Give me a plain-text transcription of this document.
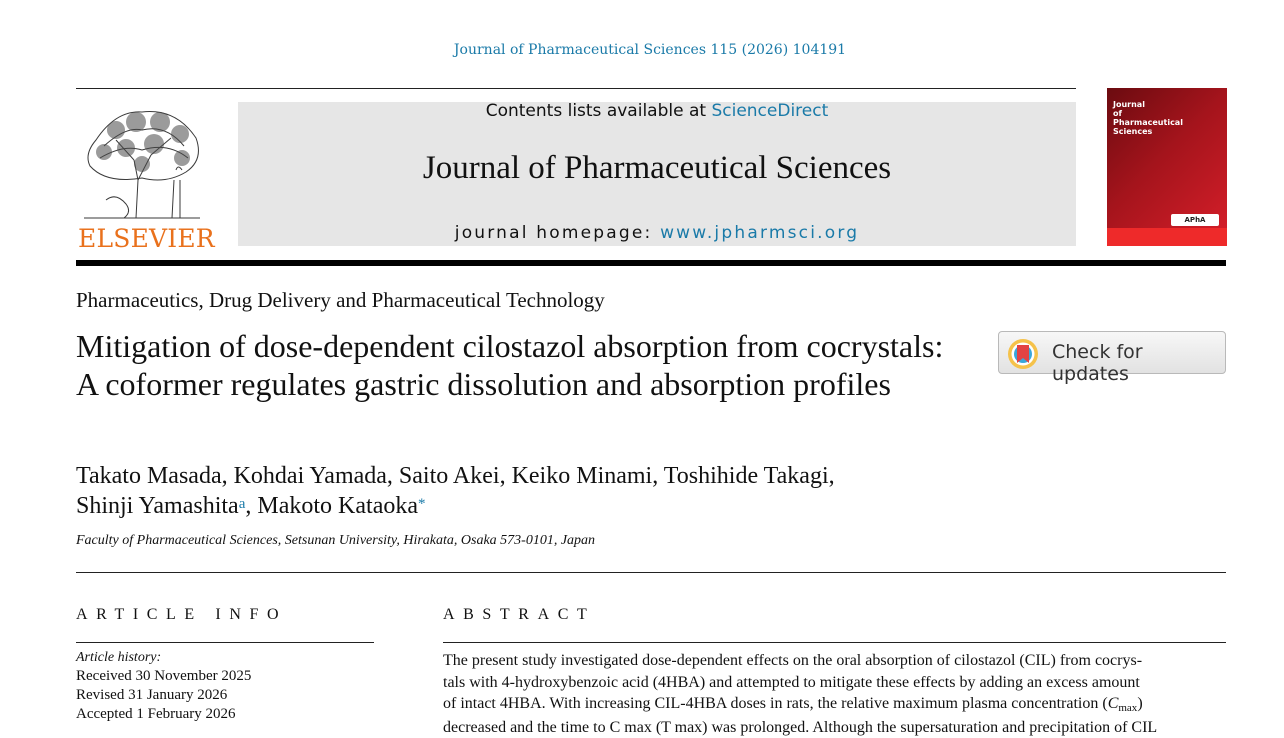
Journal of Pharmaceutical Sciences 115 (2026) 104191
ELSEVIER
Contents lists available at ScienceDirect
Journal of Pharmaceutical Sciences
journal homepage: www.jpharmsci.org
Journal
of
Pharmaceutical
Sciences
APhA
Pharmaceutics, Drug Delivery and Pharmaceutical Technology
Mitigation of dose-dependent cilostazol absorption from cocrystals: A coformer regulates gastric dissolution and absorption profiles
Check for updates
Takato Masada, Kohdai Yamada, Saito Akei, Keiko Minami, Toshihide Takagi,
Shinji Yamashita$^a$, Makoto Kataoka*
Faculty of Pharmaceutical Sciences, Setsunan University, Hirakata, Osaka 573-0101, Japan
ARTICLE INFO	ABSTRACT
Article history:
Received 30 November 2025
Revised 31 January 2026
Accepted 1 February 2026
The present study investigated dose-dependent effects on the oral absorption of cilostazol (CIL) from cocrys-
tals with 4-hydroxybenzoic acid (4HBA) and attempted to mitigate these effects by adding an excess amount
of intact 4HBA. With increasing CIL-4HBA doses in rats, the relative maximum plasma concentration (Cmax)
decreased and the time to C max (T max) was prolonged. Although the supersaturation and precipitation of CIL
